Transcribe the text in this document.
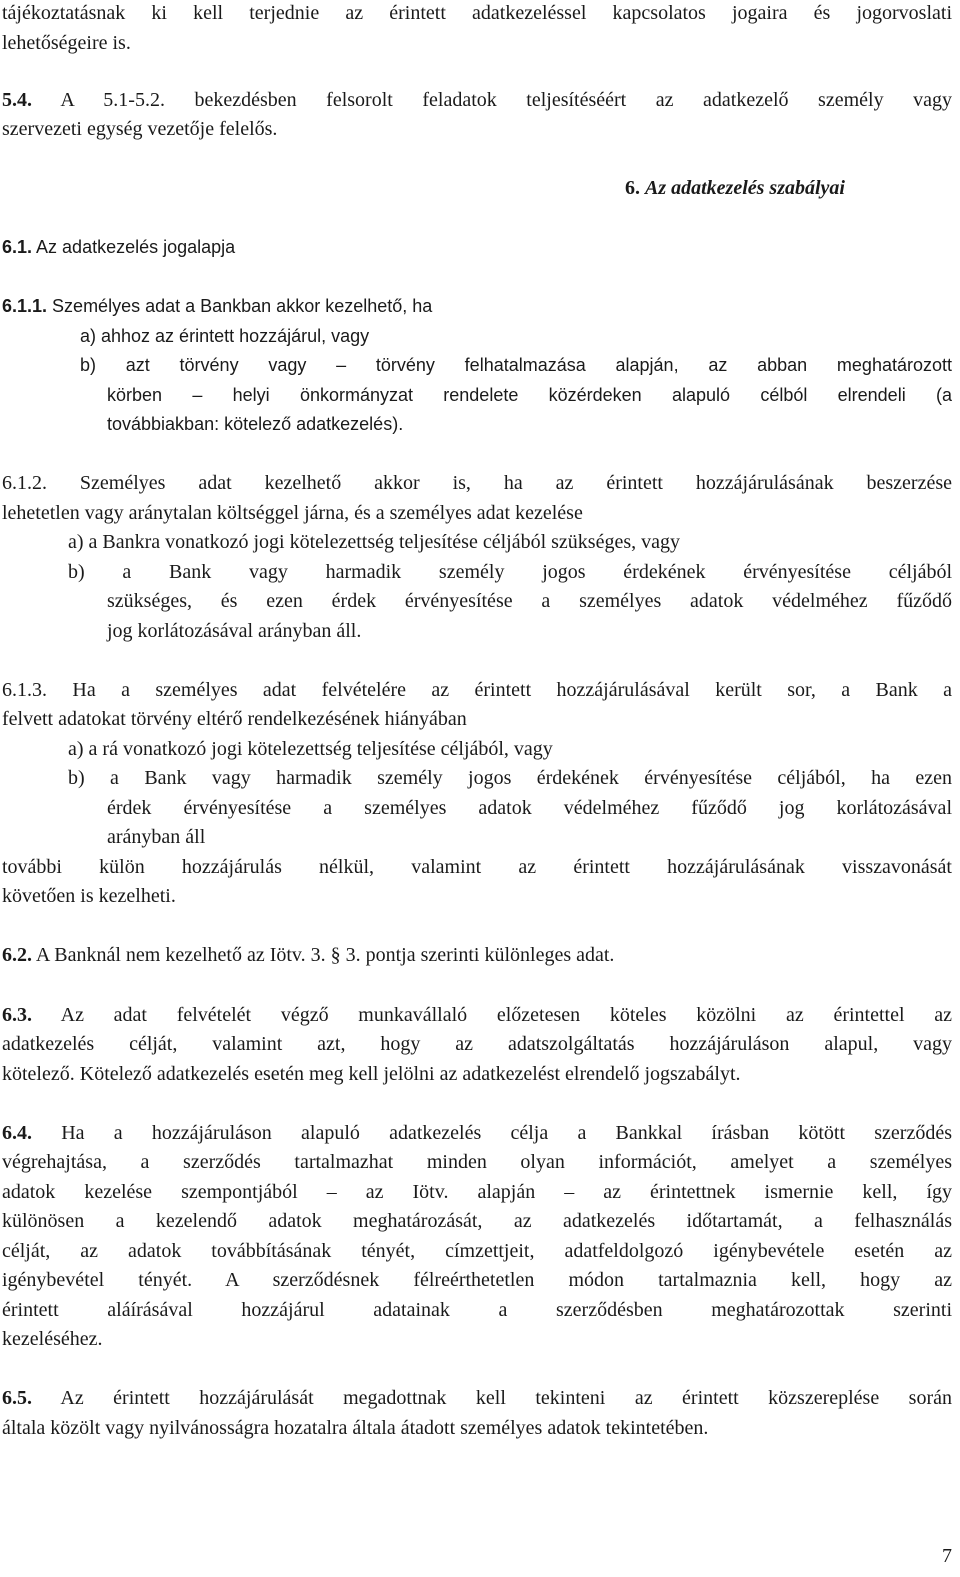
tájékoztatásnak ki kell terjednie az érintett adatkezeléssel kapcsolatos jogaira és jogorvoslati
lehetőségeire is.
5.4. A 5.1-5.2. bekezdésben felsorolt feladatok teljesítéséért az adatkezelő személy vagy
szervezeti egység vezetője felelős.
6. Az adatkezelés szabályai
6.1. Az adatkezelés jogalapja
6.1.1. Személyes adat a Bankban akkor kezelhető, ha
a) ahhoz az érintett hozzájárul, vagy
b) azt törvény vagy – törvény felhatalmazása alapján, az abban meghatározott
körben – helyi önkormányzat rendelete közérdeken alapuló célból elrendeli (a
továbbiakban: kötelező adatkezelés).
6.1.2. Személyes adat kezelhető akkor is, ha az érintett hozzájárulásának beszerzése
lehetetlen vagy aránytalan költséggel járna, és a személyes adat kezelése
a) a Bankra vonatkozó jogi kötelezettség teljesítése céljából szükséges, vagy
b) a Bank vagy harmadik személy jogos érdekének érvényesítése céljából
szükséges, és ezen érdek érvényesítése a személyes adatok védelméhez fűződő
jog korlátozásával arányban áll.
6.1.3. Ha a személyes adat felvételére az érintett hozzájárulásával került sor, a Bank a
felvett adatokat törvény eltérő rendelkezésének hiányában
a) a rá vonatkozó jogi kötelezettség teljesítése céljából, vagy
b) a Bank vagy harmadik személy jogos érdekének érvényesítése céljából, ha ezen
érdek érvényesítése a személyes adatok védelméhez fűződő jog korlátozásával
arányban áll
további külön hozzájárulás nélkül, valamint az érintett hozzájárulásának visszavonását
követően is kezelheti.
6.2. A Banknál nem kezelhető az Iötv. 3. § 3. pontja szerinti különleges adat.
6.3. Az adat felvételét végző munkavállaló előzetesen köteles közölni az érintettel az
adatkezelés célját, valamint azt, hogy az adatszolgáltatás hozzájáruláson alapul, vagy
kötelező. Kötelező adatkezelés esetén meg kell jelölni az adatkezelést elrendelő jogszabályt.
6.4. Ha a hozzájáruláson alapuló adatkezelés célja a Bankkal írásban kötött szerződés
végrehajtása, a szerződés tartalmazhat minden olyan információt, amelyet a személyes
adatok kezelése szempontjából – az Iötv. alapján – az érintettnek ismernie kell, így
különösen a kezelendő adatok meghatározását, az adatkezelés időtartamát, a felhasználás
célját, az adatok továbbításának tényét, címzettjeit, adatfeldolgozó igénybevétele esetén az
igénybevétel tényét. A szerződésnek félreérthetetlen módon tartalmaznia kell, hogy az
érintett aláírásával hozzájárul adatainak a szerződésben meghatározottak szerinti
kezeléséhez.
6.5. Az érintett hozzájárulását megadottnak kell tekinteni az érintett közszereplése során
általa közölt vagy nyilvánosságra hozatalra általa átadott személyes adatok tekintetében.
7
